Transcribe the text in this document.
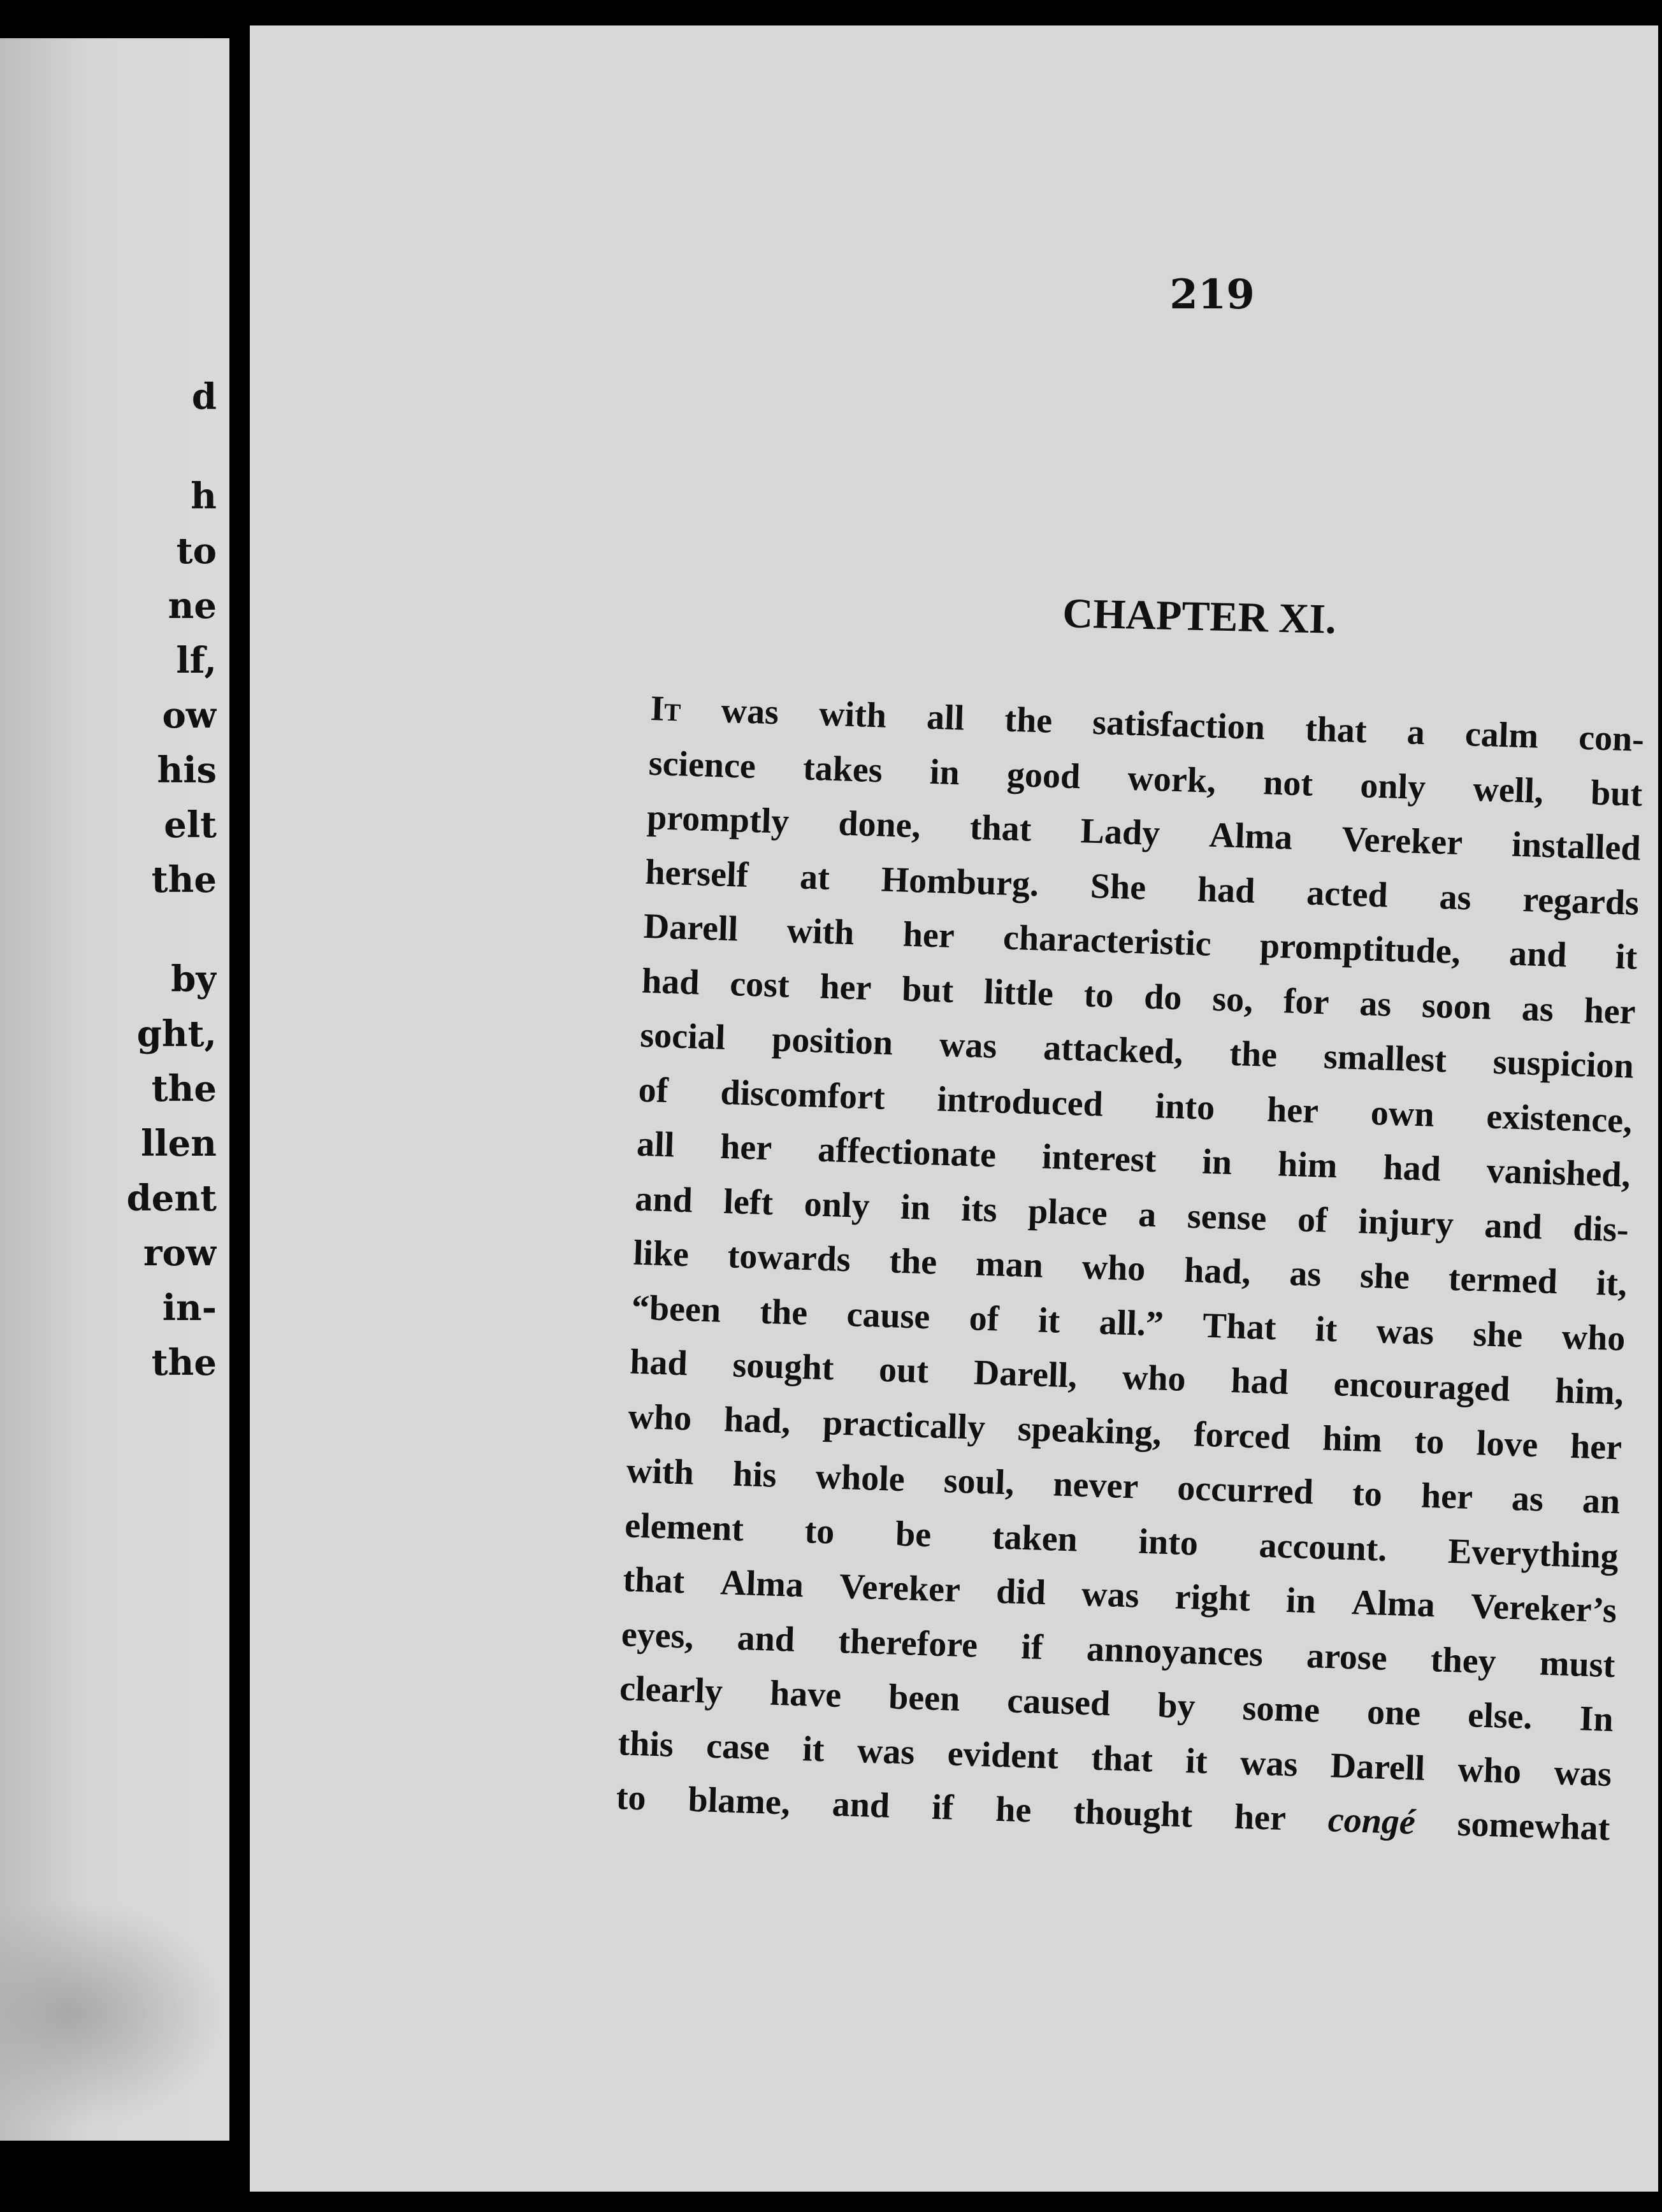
d
h
to
ne
lf,
ow
his
elt
the
by
ght,
the
llen
dent
row
in-
the
219
CHAPTER XI.
It was with all the satisfaction that a calm con-
science takes in good work, not only well, but
promptly done, that Lady Alma Vereker installed
herself at Homburg. She had acted as regards
Darell with her characteristic promptitude, and it
had cost her but little to do so, for as soon as her
social position was attacked, the smallest suspicion
of discomfort introduced into her own existence,
all her affectionate interest in him had vanished,
and left only in its place a sense of injury and dis-
like towards the man who had, as she termed it,
“been the cause of it all.” That it was she who
had sought out Darell, who had encouraged him,
who had, practically speaking, forced him to love her
with his whole soul, never occurred to her as an
element to be taken into account. Everything
that Alma Vereker did was right in Alma Vereker’s
eyes, and therefore if annoyances arose they must
clearly have been caused by some one else. In
this case it was evident that it was Darell who was
to blame, and if he thought her congé somewhat
